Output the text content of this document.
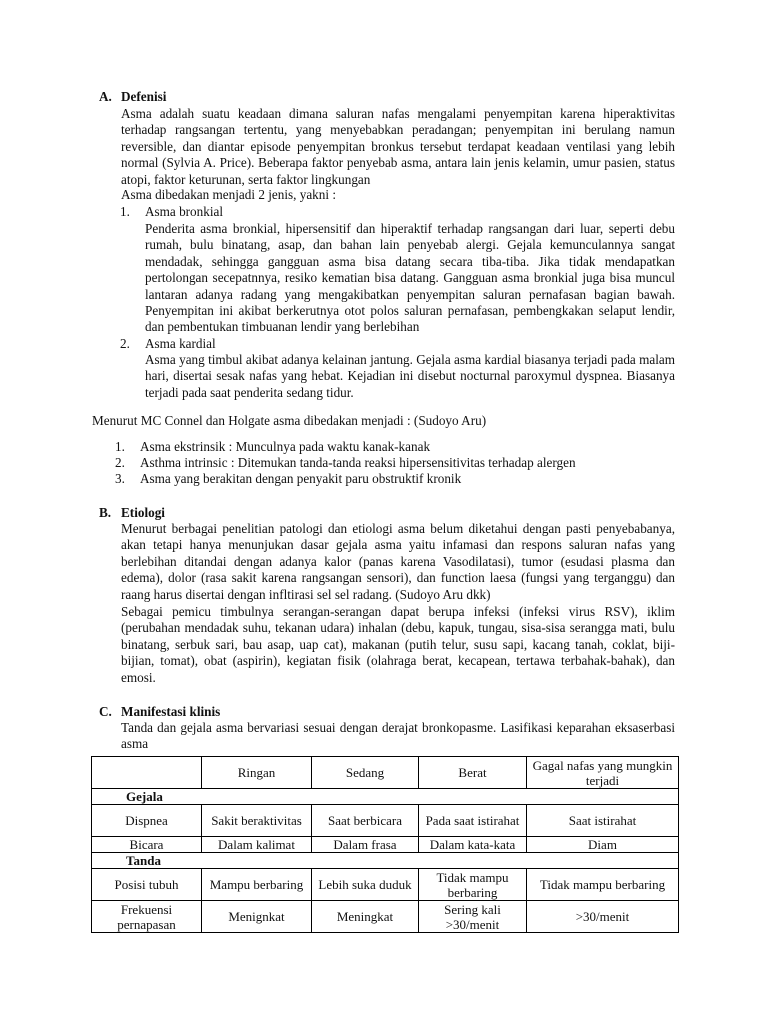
A. Defenisi

Asma adalah suatu keadaan dimana saluran nafas mengalami penyempitan karena hiperaktivitas terhadap rangsangan tertentu, yang menyebabkan peradangan; penyempitan ini berulang namun reversible, dan diantar episode penyempitan bronkus tersebut terdapat keadaan ventilasi yang lebih normal (Sylvia A. Price). Beberapa faktor penyebab asma, antara lain jenis kelamin, umur pasien, status atopi, faktor keturunan, serta faktor lingkungan

Asma dibedakan menjadi 2 jenis, yakni :

1. Asma bronkial

Penderita asma bronkial, hipersensitif dan hiperaktif terhadap rangsangan dari luar, seperti debu rumah, bulu binatang, asap, dan bahan lain penyebab alergi. Gejala kemunculannya sangat mendadak, sehingga gangguan asma bisa datang secara tiba-tiba. Jika tidak mendapatkan pertolongan secepatnnya, resiko kematian bisa datang. Gangguan asma bronkial juga bisa muncul lantaran adanya radang yang mengakibatkan penyempitan saluran pernafasan bagian bawah. Penyempitan ini akibat berkerutnya otot polos saluran pernafasan, pembengkakan selaput lendir, dan pembentukan timbuanan lendir yang berlebihan

2. Asma kardial

Asma yang timbul akibat adanya kelainan jantung. Gejala asma kardial biasanya terjadi pada malam hari, disertai sesak nafas yang hebat. Kejadian ini disebut nocturnal paroxymul dyspnea. Biasanya terjadi pada saat penderita sedang tidur.

Menurut MC Connel dan Holgate asma dibedakan menjadi : (Sudoyo Aru)

1. Asma ekstrinsik : Munculnya pada waktu kanak-kanak
2. Asthma intrinsic : Ditemukan tanda-tanda reaksi hipersensitivitas terhadap alergen
3. Asma yang berakitan dengan penyakit paru obstruktif kronik
B. Etiologi

Menurut berbagai penelitian patologi dan etiologi asma belum diketahui dengan pasti penyebabanya, akan tetapi hanya menunjukan dasar gejala asma yaitu infamasi dan respons saluran nafas yang berlebihan ditandai dengan adanya kalor (panas karena Vasodilatasi), tumor (esudasi plasma dan edema), dolor (rasa sakit karena rangsangan sensori), dan function laesa (fungsi yang terganggu) dan raang harus disertai dengan infltirasi sel sel radang. (Sudoyo Aru dkk)

Sebagai pemicu timbulnya serangan-serangan dapat berupa infeksi (infeksi virus RSV), iklim (perubahan mendadak suhu, tekanan udara) inhalan (debu, kapuk, tungau, sisa-sisa serangga mati, bulu binatang, serbuk sari, bau asap, uap cat), makanan (putih telur, susu sapi, kacang tanah, coklat, biji-bijian, tomat), obat (aspirin), kegiatan fisik (olahraga berat, kecapean, tertawa terbahak-bahak), dan emosi.

C. Manifestasi klinis

Tanda dan gejala asma bervariasi sesuai dengan derajat bronkopasme. Lasifikasi keparahan eksaserbasi asma

	Ringan	Sedang	Berat	Gagal nafas yang mungkin terjadi
Gejala				
Dispnea	Sakit beraktivitas	Saat berbicara	Pada saat istirahat	Saat istirahat
Bicara	Dalam kalimat	Dalam frasa	Dalam kata-kata	Diam
Tanda				
Posisi tubuh	Mampu berbaring	Lebih suka duduk	Tidak mampu berbaring	Tidak mampu berbaring
Frekuensi pernapasan	Menignkat	Meningkat	Sering kali >30/menit	>30/menit
